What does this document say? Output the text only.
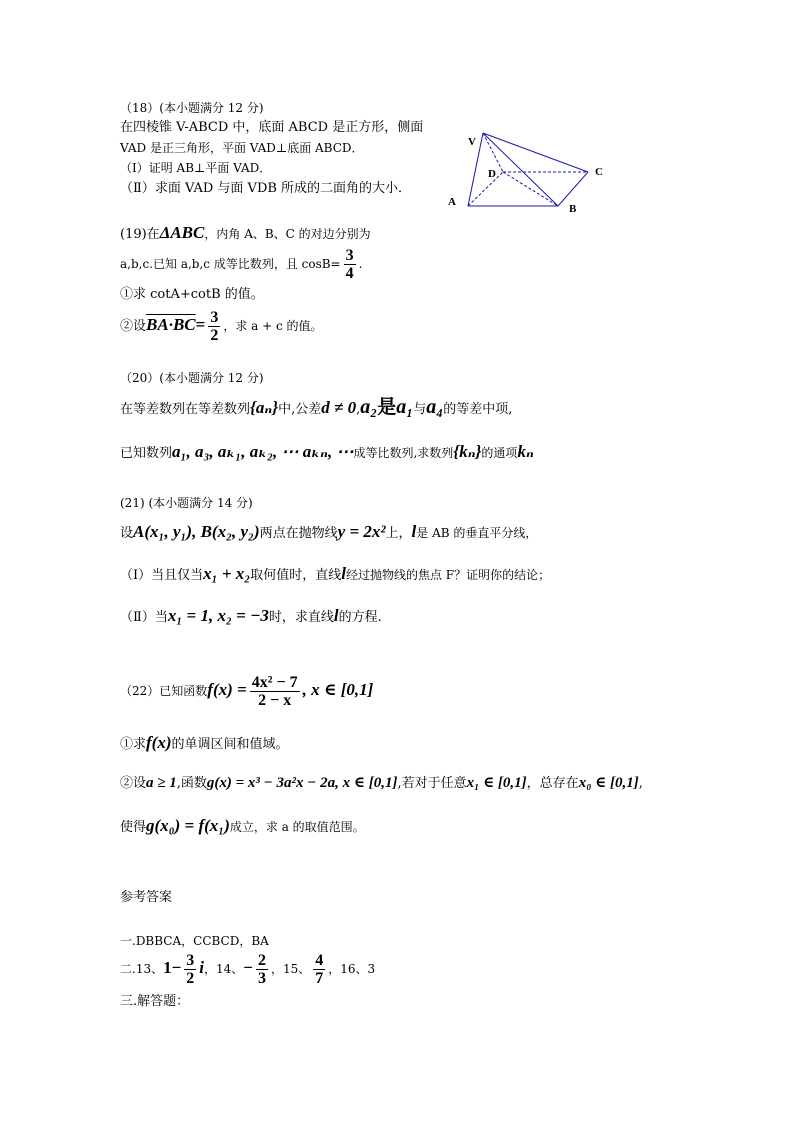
（18）(本小题满分 12 分)
在四棱锥 V-ABCD 中，底面 ABCD 是正方形，侧面
VAD 是正三角形，平面 VAD⊥底面 ABCD．
（Ⅰ）证明 AB⊥平面 VAD．
（Ⅱ）求面 VAD 与面 VDB 所成的二面角的大小．
V
D	C
A
B
(19)在ΔABC，内角 A、B、C 的对边分别为
a,b,c.已知 a,b,c 成等比数列，且 $\cos B= \frac{3}{4}$ .
①求 cotA+cotB 的值。
②设$BA\cdot BC= \frac{3}{2}$ ，求 a + c 的值。
（20）(本小题满分 12 分)
在等差数列在等差数列{aₙ}中,公差d ≠ 0,a₂是a₁与a₄的等差中项,
已知数列a₁, a₃, aₖ₁, aₖ₂, ⋯ aₖₙ, ⋯成等比数列,求数列{kₙ}的通项kₙ
(21) (本小题满分 14 分)
设A(x₁, y₁), B(x₂, y₂)两点在抛物线y = 2x²上，l是 AB 的垂直平分线，
（Ⅰ）当且仅当x₁ + x₂取何值时，直线l经过抛物线的焦点 F？证明你的结论；
（Ⅱ）当x₁ = 1, x₂ = −3时，求直线l的方程.
（22）已知函数$f(x) = \frac{\text{4x² − 7}}{2 - x}$ , x ∈ [0,1]
①求f(x)的单调区间和值域。
②设a ≥ 1,函数g(x) = x³ − 3a²x − 2a, x ∈ [0,1],若对于任意x₁ ∈ [0,1]，总存在x₀ ∈ [0,1],
使得g(x₀) = f(x₁)成立，求 a 的取值范围。
参考答案
一.DBBCA，CCBCD，BA
二.13、$1- \frac{3}{2}$ i，14、− $\frac{2}{3}$ ，15、 $\frac{4}{7}$ ，16、3
三.解答题：
